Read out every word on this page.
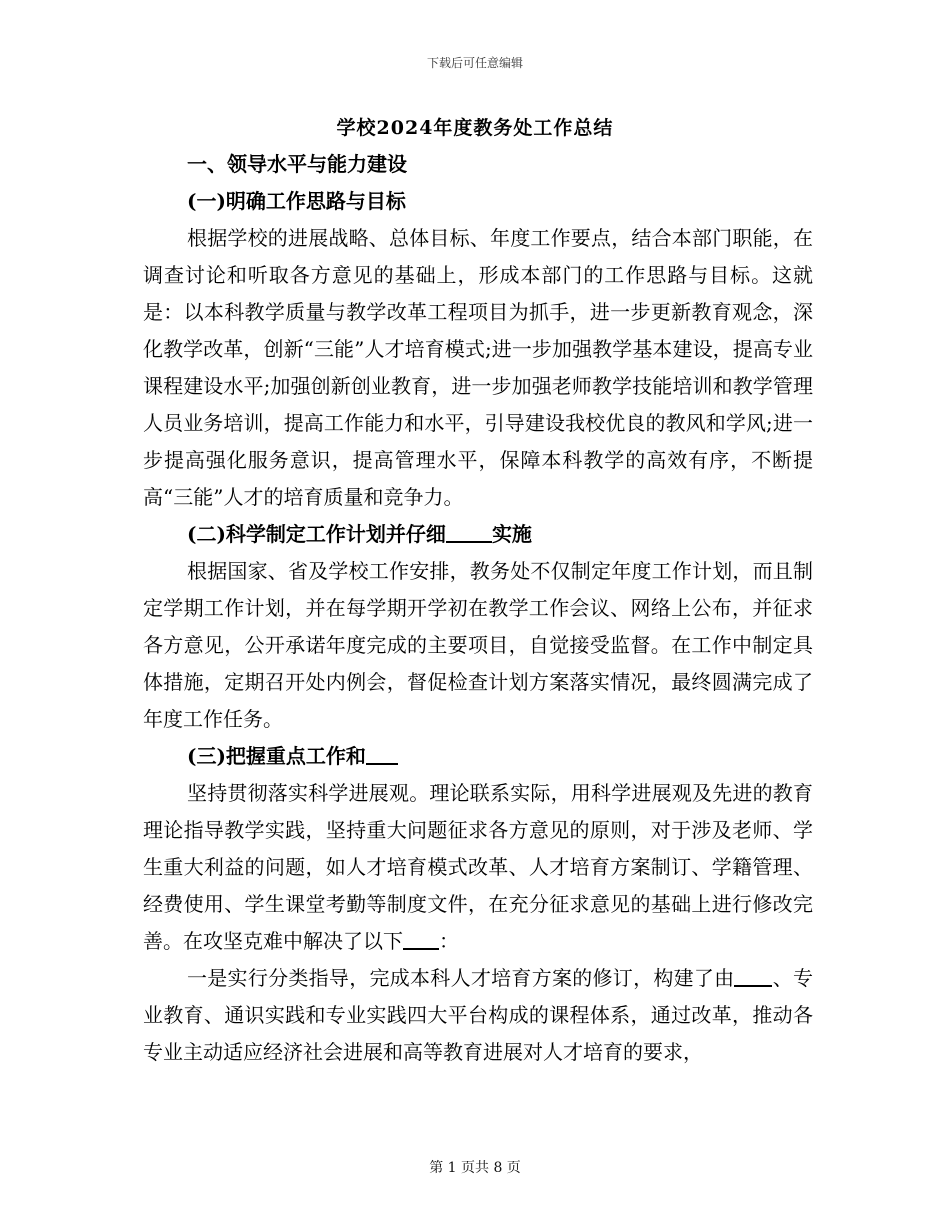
下载后可任意编辑
学校2024年度教务处工作总结

一、领导水平与能力建设

(一)明确工作思路与目标

根据学校的进展战略、总体目标、年度工作要点，结合本部门职能，在调查讨论和听取各方意见的基础上，形成本部门的工作思路与目标。这就是：以本科教学质量与教学改革工程项目为抓手，进一步更新教育观念，深化教学改革，创新“三能”人才培育模式;进一步加强教学基本建设，提高专业课程建设水平;加强创新创业教育，进一步加强老师教学技能培训和教学管理人员业务培训，提高工作能力和水平，引导建设我校优良的教风和学风;进一步提高强化服务意识，提高管理水平，保障本科教学的高效有序，不断提高“三能”人才的培育质量和竞争力。

(二)科学制定工作计划并仔细 实施

根据国家、省及学校工作安排，教务处不仅制定年度工作计划，而且制定学期工作计划，并在每学期开学初在教学工作会议、网络上公布，并征求各方意见，公开承诺年度完成的主要项目，自觉接受监督。在工作中制定具体措施，定期召开处内例会，督促检查计划方案落实情况，最终圆满完成了年度工作任务。

(三)把握重点工作和

坚持贯彻落实科学进展观。理论联系实际，用科学进展观及先进的教育理论指导教学实践，坚持重大问题征求各方意见的原则，对于涉及老师、学生重大利益的问题，如人才培育模式改革、人才培育方案制订、学籍管理、经费使用、学生课堂考勤等制度文件，在充分征求意见的基础上进行修改完善。在攻坚克难中解决了以下 ：

一是实行分类指导，完成本科人才培育方案的修订，构建了由 、专业教育、通识实践和专业实践四大平台构成的课程体系，通过改革，推动各专业主动适应经济社会进展和高等教育进展对人才培育的要求，

第 1 页共 8 页
